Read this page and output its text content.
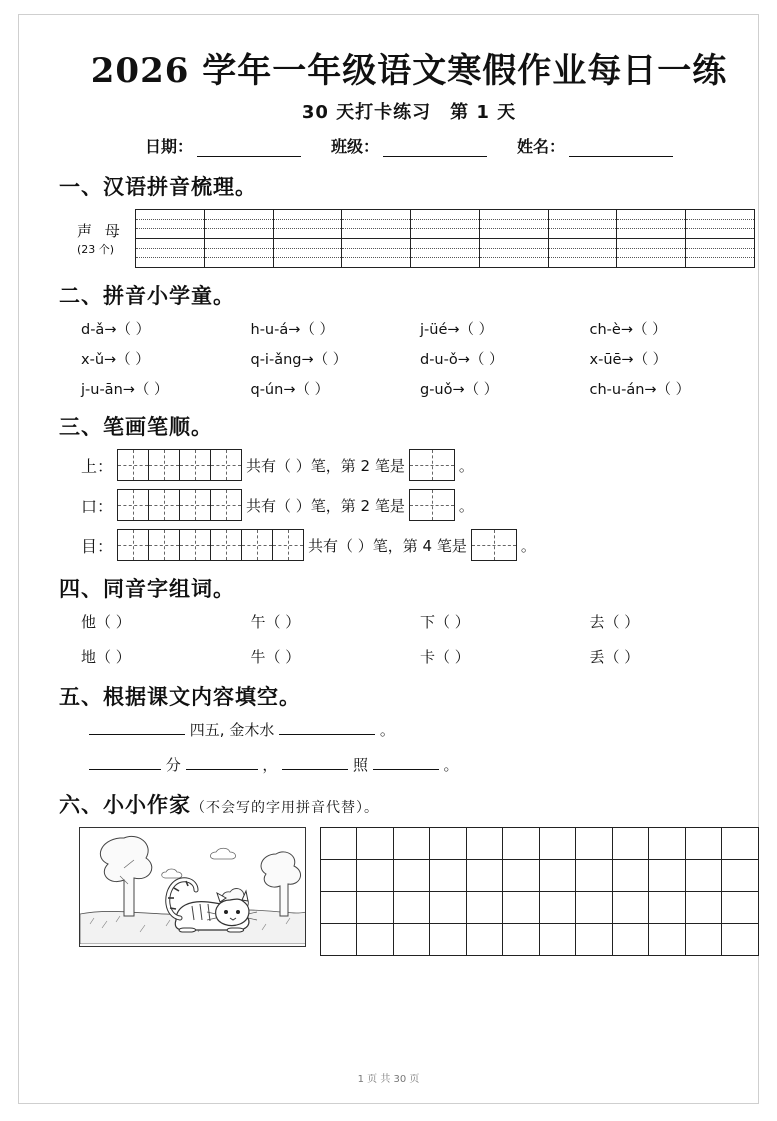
2026 学年一年级语文寒假作业每日一练
30 天打卡练习　第 1 天
日期：	班级：	姓名：
一、汉语拼音梳理。
声 母
(23 个)

二、拼音小学童。
d-ǎ→（ ）	h-u-á→（ ）	j-üé→（ ）	ch-è→（ ）
x-ǔ→（ ）	q-i-ǎng→（ ）	d-u-ǒ→（ ）	x-ūē→（ ）
j-u-ān→（ ）	q-ún→（ ）	g-uǒ→（ ）	ch-u-án→（ ）
三、笔画笔顺。
上：
				共有（ ）笔，第 2 笔是	。
口：
				共有（ ）笔，第 2 笔是	。
目：
						共有（ ）笔，第 4 笔是	。
四、同音字组词。
他（ ）	午（ ）	下（ ）	去（ ）
地（ ）	牛（ ）	卡（ ）	丢（ ）
五、根据课文内容填空。
四五, 金木水	。
分	，	照	。
六、小小作家（不会写的字用拼音代替）。

1 页 共 30 页
